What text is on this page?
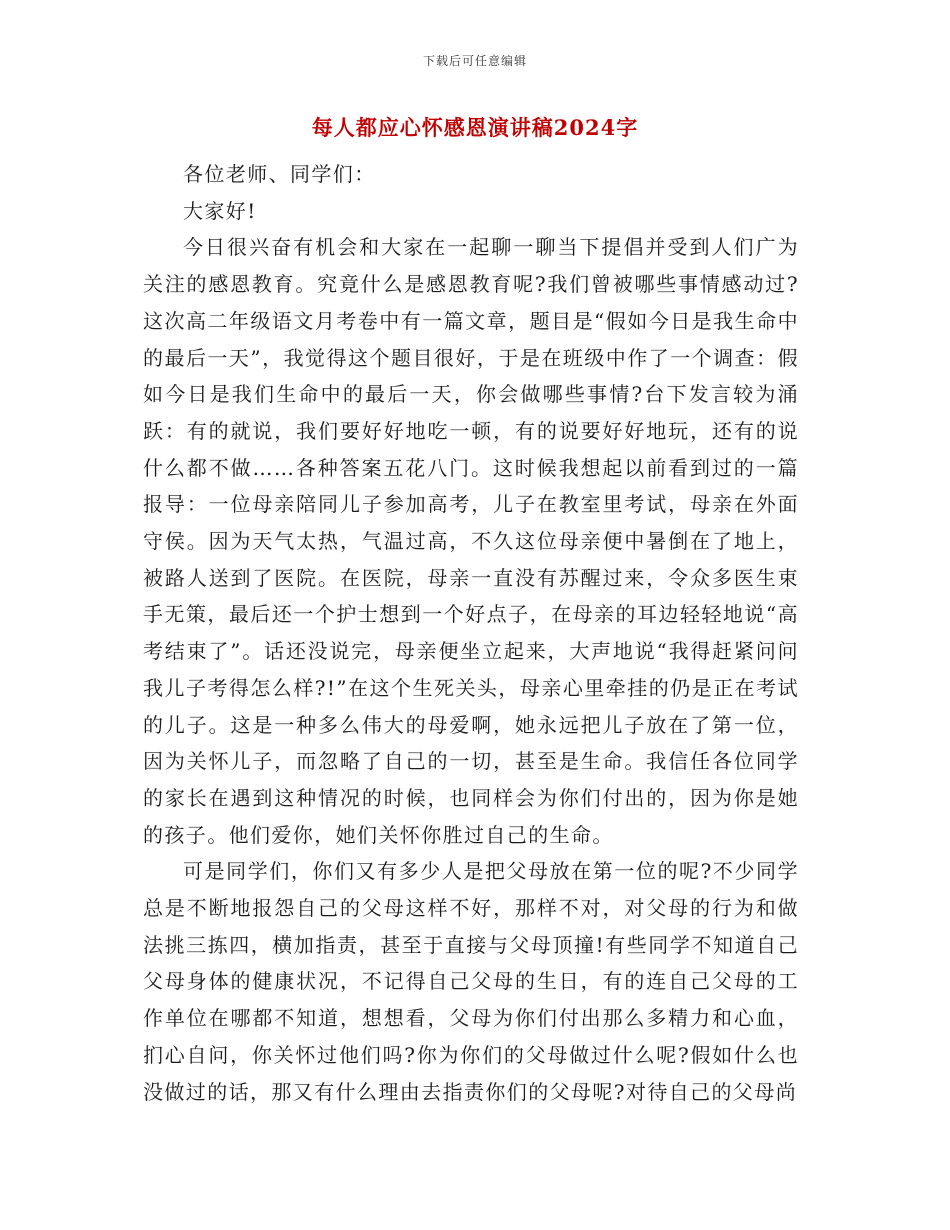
下载后可任意编辑
每人都应心怀感恩演讲稿2024字

各位老师、同学们：

大家好!

今日很兴奋有机会和大家在一起聊一聊当下提倡并受到人们广为关注的感恩教育。究竟什么是感恩教育呢?我们曾被哪些事情感动过?这次高二年级语文月考卷中有一篇文章，题目是“假如今日是我生命中的最后一天”，我觉得这个题目很好，于是在班级中作了一个调查：假如今日是我们生命中的最后一天，你会做哪些事情?台下发言较为涌跃：有的就说，我们要好好地吃一顿，有的说要好好地玩，还有的说什么都不做……各种答案五花八门。这时候我想起以前看到过的一篇报导：一位母亲陪同儿子参加高考，儿子在教室里考试，母亲在外面守侯。因为天气太热，气温过高，不久这位母亲便中暑倒在了地上，被路人送到了医院。在医院，母亲一直没有苏醒过来，令众多医生束手无策，最后还一个护士想到一个好点子，在母亲的耳边轻轻地说“高考结束了”。话还没说完，母亲便坐立起来，大声地说“我得赶紧问问我儿子考得怎么样?!”在这个生死关头，母亲心里牵挂的仍是正在考试的儿子。这是一种多么伟大的母爱啊，她永远把儿子放在了第一位，因为关怀儿子，而忽略了自己的一切，甚至是生命。我信任各位同学的家长在遇到这种情况的时候，也同样会为你们付出的，因为你是她的孩子。他们爱你，她们关怀你胜过自己的生命。

可是同学们，你们又有多少人是把父母放在第一位的呢?不少同学总是不断地报怨自己的父母这样不好，那样不对，对父母的行为和做法挑三拣四，横加指责，甚至于直接与父母顶撞!有些同学不知道自己父母身体的健康状况，不记得自己父母的生日，有的连自己父母的工作单位在哪都不知道，想想看，父母为你们付出那么多精力和心血，扪心自问，你关怀过他们吗?你为你们的父母做过什么呢?假如什么也没做过的话，那又有什么理由去指责你们的父母呢?对待自己的父母尚
